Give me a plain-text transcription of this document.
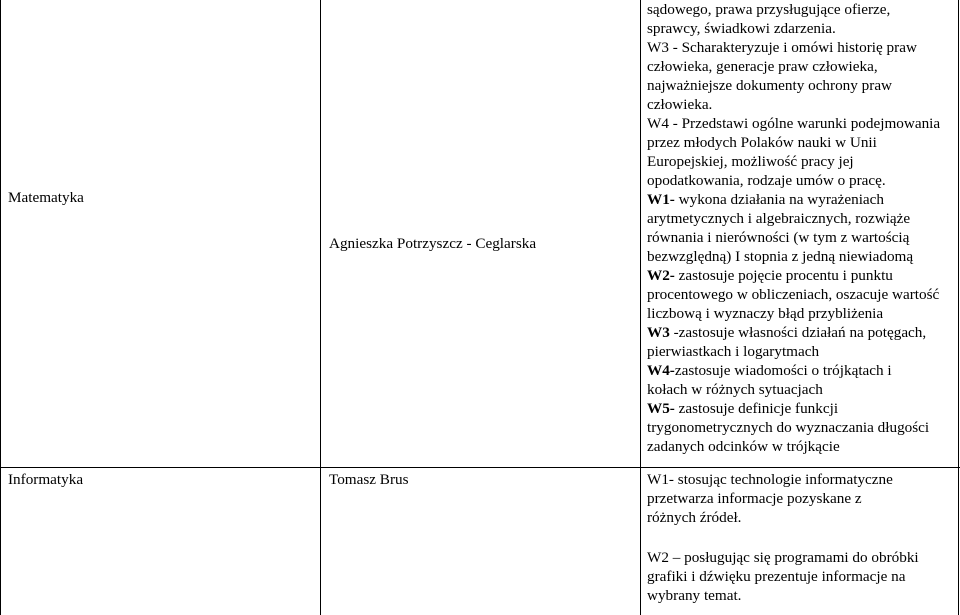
Matematyka
Agnieszka Potrzyszcz - Ceglarska
sądowego, prawa przysługujące ofierze,
sprawcy, świadkowi zdarzenia.
W3 - Scharakteryzuje i omówi historię praw człowieka, generacje praw człowieka, najważniejsze dokumenty ochrony praw człowieka.
W4 - Przedstawi ogólne warunki podejmowania przez młodych Polaków nauki w Unii Europejskiej, możliwość pracy jej opodatkowania, rodzaje umów o pracę.
W1- wykona działania na wyrażeniach arytmetycznych i algebraicznych, rozwiąże równania i nierówności (w tym z wartością bezwzględną) I stopnia z jedną niewiadomą
W2- zastosuje pojęcie procentu i punktu procentowego w obliczeniach, oszacuje wartość liczbową i wyznaczy błąd przybliżenia
W3 -zastosuje własności działań na potęgach, pierwiastkach i logarytmach
W4-zastosuje wiadomości o trójkątach i kołach w różnych sytuacjach
W5- zastosuje definicje funkcji trygonometrycznych do wyznaczania długości zadanych odcinków w trójkącie
Informatyka	Tomasz Brus	W1- stosując technologie informatyczne przetwarza informacje pozyskane z różnych źródeł.
W2 – posługując się programami do obróbki grafiki i dźwięku prezentuje informacje na wybrany temat.
